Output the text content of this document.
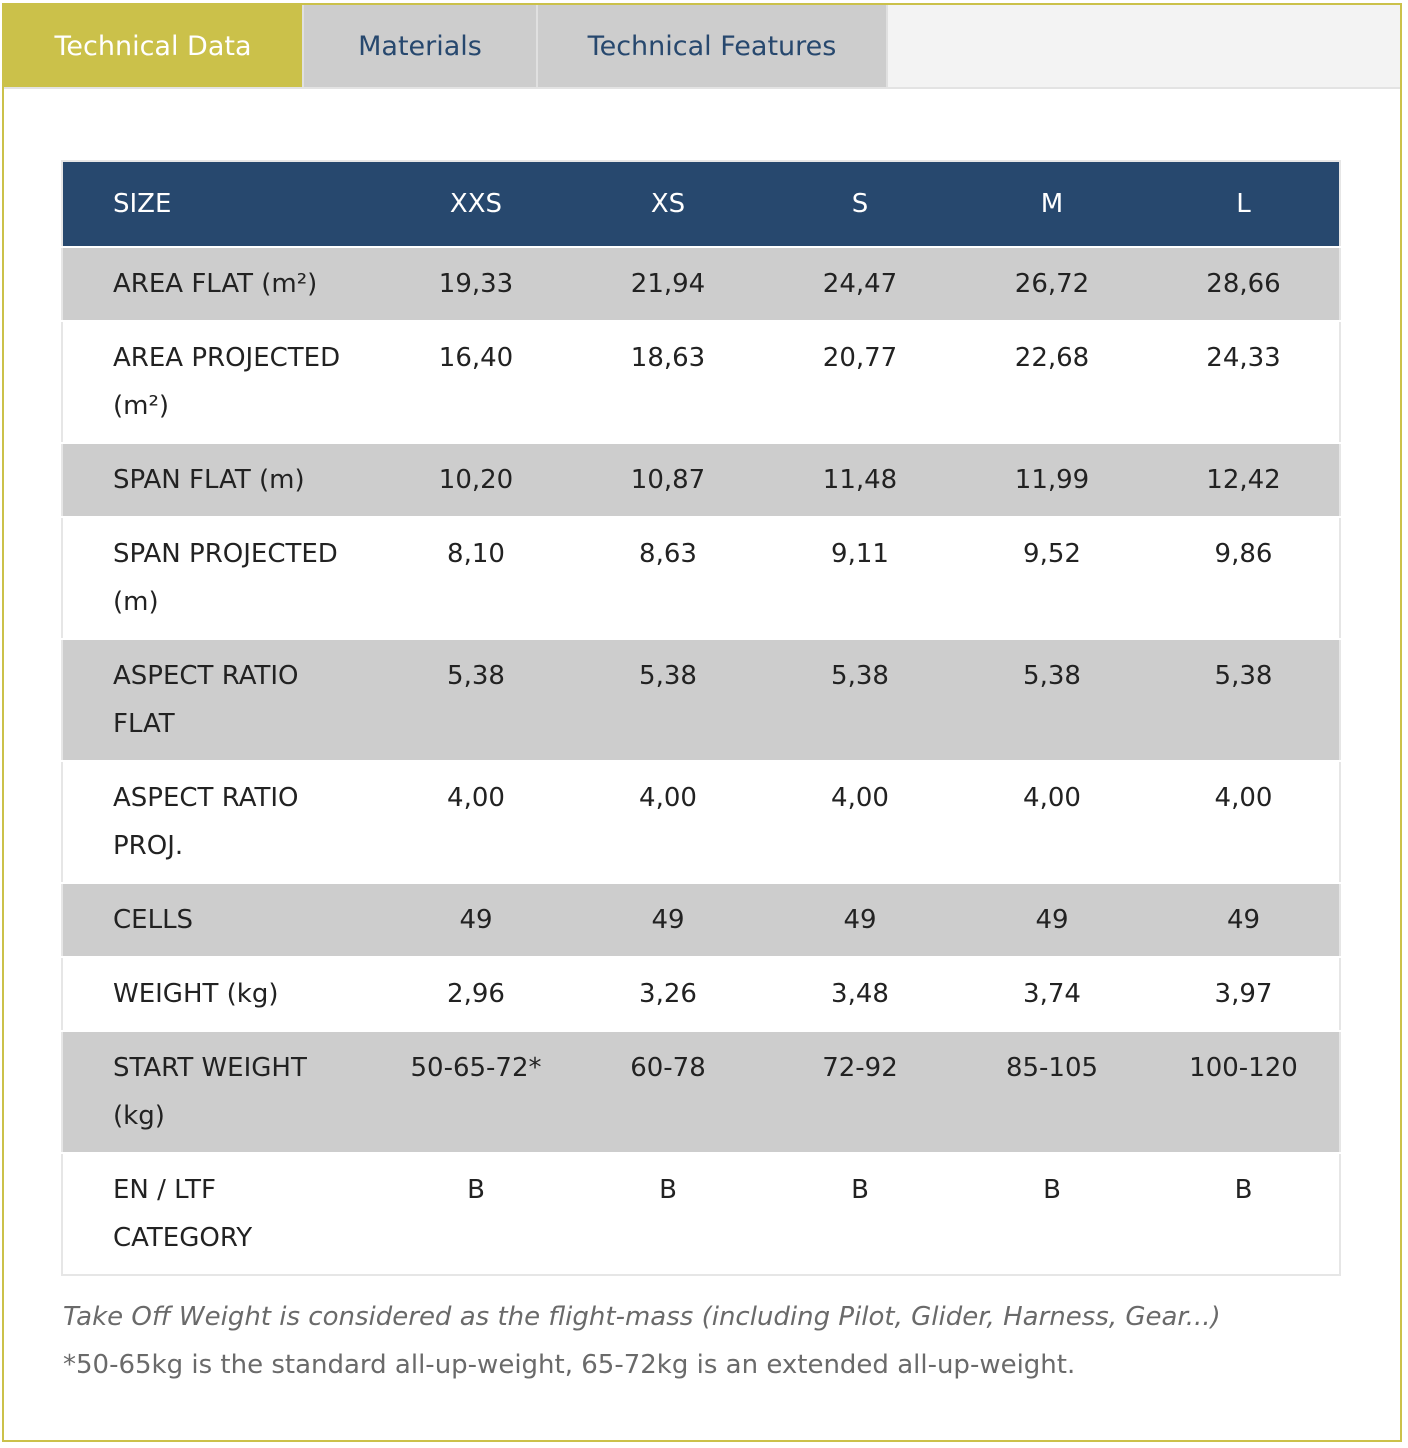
Technical Data	Materials	Technical Features
SIZE	XXS	XS	S	M	L
AREA FLAT (m²)	19,33	21,94	24,47	26,72	28,66
AREA PROJECTED (m²)	16,40	18,63	20,77	22,68	24,33
SPAN FLAT (m)	10,20	10,87	11,48	11,99	12,42
SPAN PROJECTED (m)	8,10	8,63	9,11	9,52	9,86
ASPECT RATIO FLAT	5,38	5,38	5,38	5,38	5,38
ASPECT RATIO PROJ.	4,00	4,00	4,00	4,00	4,00
CELLS	49	49	49	49	49
WEIGHT (kg)	2,96	3,26	3,48	3,74	3,97
START WEIGHT (kg)	50-65-72*	60-78	72-92	85-105	100-120
EN / LTF CATEGORY	B	B	B	B	B
Take Off Weight is considered as the flight-mass (including Pilot, Glider, Harness, Gear...)
*50-65kg is the standard all-up-weight, 65-72kg is an extended all-up-weight.
